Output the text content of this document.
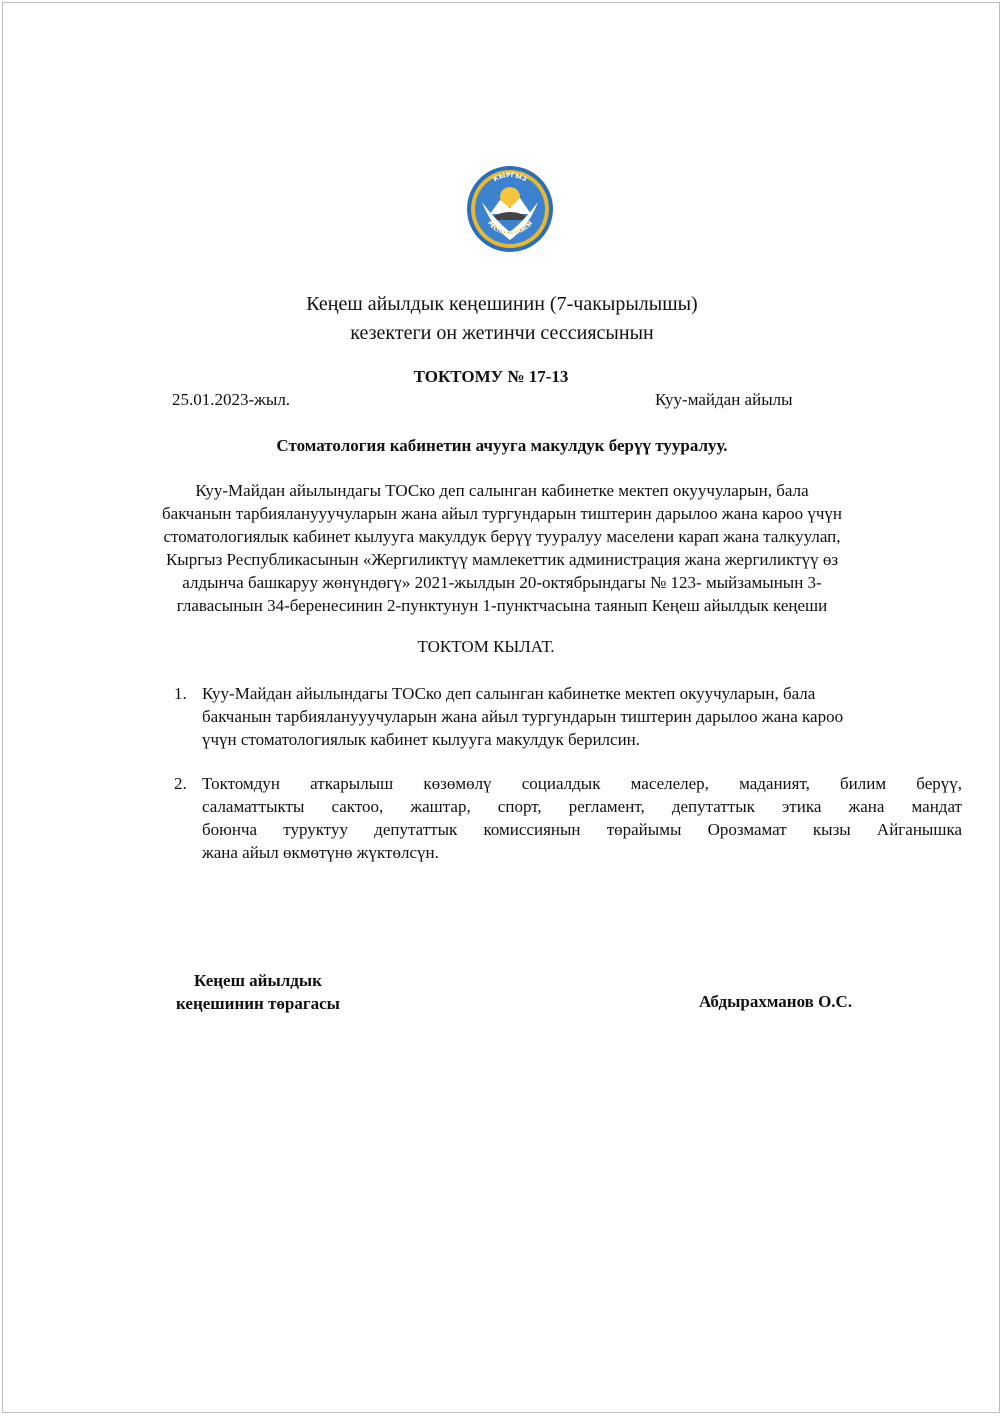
КЫРГЫЗ
РЕСПУБЛИКАСЫ
Кеңеш айылдык кеңешинин (7-чакырылышы)
кезектеги он жетинчи сессиясынын
ТОКТОМУ № 17-13
25.01.2023-жыл.	Куу-майдан айылы
Стоматология кабинетин ачууга макулдук берүү тууралуу.
Куу-Майдан айылындагы ТОСко деп салынган кабинетке мектеп окуучуларын, бала
бакчанын тарбияланууучуларын жана айыл тургундарын тиштерин дарылоо жана кароо үчүн
стоматологиялык кабинет кылууга макулдук берүү тууралуу маселени карап жана талкуулап,
Кыргыз Республикасынын «Жергиликтүү мамлекеттик администрация жана жергиликтүү өз
алдынча башкаруу жөнүндөгү» 2021-жылдын 20-октябрындагы № 123- мыйзамынын 3-
главасынын 34-беренесинин 2-пунктунун 1-пунктчасына таянып Кеңеш айылдык кеңеши
ТОКТОМ КЫЛАТ.
1. Куу-Майдан айылындагы ТОСко деп салынган кабинетке мектеп окуучуларын, бала
бакчанын тарбияланууучуларын жана айыл тургундарын тиштерин дарылоо жана кароо
үчүн стоматологиялык кабинет кылууга макулдук берилсин.
2. Токтомдун аткарылыш көзөмөлү социалдык маселелер, маданият, билим берүү,
саламаттыкты сактоо, жаштар, спорт, регламент, депутаттык этика жана мандат
боюнча туруктуу депутаттык комиссиянын төрайымы Орозмамат кызы Айганышка
жана айыл өкмөтүнө жүктөлсүн.
Кеңеш айылдык
кеңешинин төрагасы	Абдырахманов О.С.
